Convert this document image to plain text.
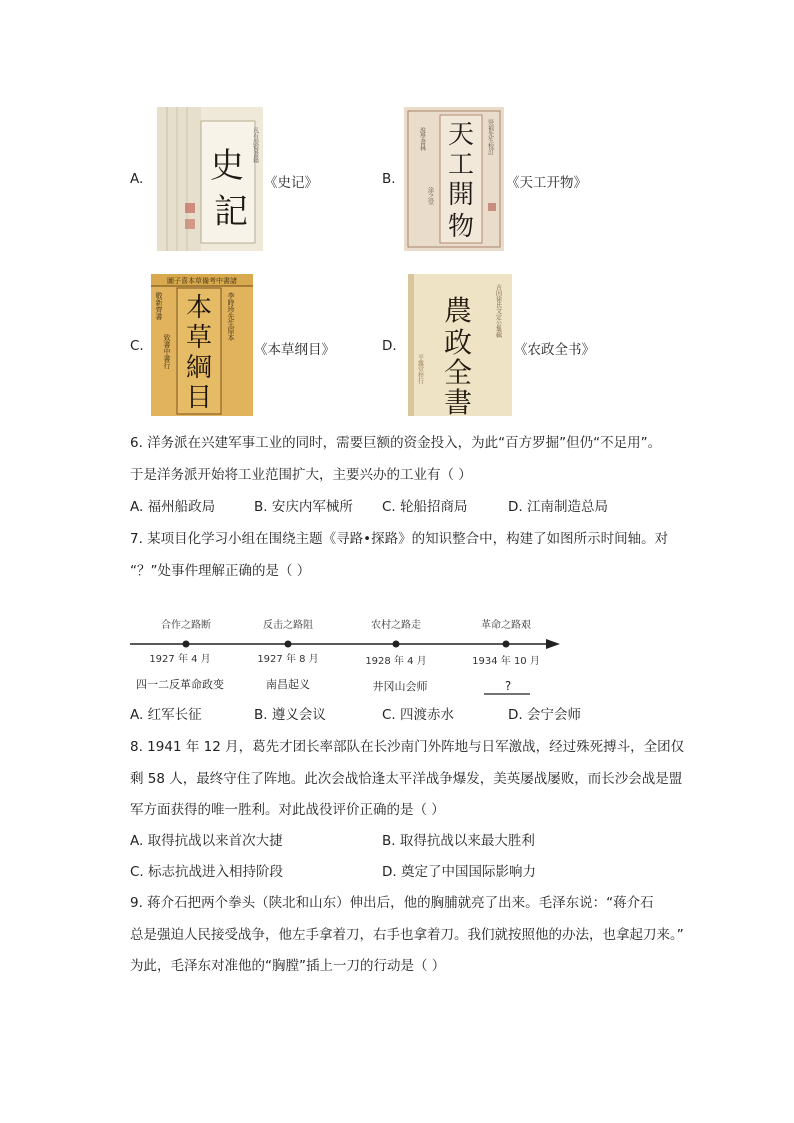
A. 史
記
凡有誤寫書籍
《史记》	B.
天
工
開
物
崇禎先生校訂
說學書林
涂之堂
《天工开物》
C.
圖子喜本草備考中書諸
本
草
綱
目
李時珍先生原本
敬新齊書
致書中書行	《本草纲目》	D.
農
政
全
書
吉因徐氏文定公集輯
平露堂梓行
《农政全书》
6. 洋务派在兴建军事工业的同时，需要巨额的资金投入，为此“百方罗掘”但仍“不足用”。
于是洋务派开始将工业范围扩大，主要兴办的工业有（ ）
A. 福州船政局	B. 安庆内军械所 C. 轮船招商局	D. 江南制造总局
7. 某项目化学习小组在围绕主题《寻路•探路》的知识整合中，构建了如图所示时间轴。对
“？”处事件理解正确的是（ ）
合作之路断	反击之路阻	农村之路走	革命之路艰
1927 年 4 月	1927 年 8 月	1928 年 4 月	1934 年 10 月
四一二反革命政变	南昌起义	井冈山会师	?
A. 红军长征	B. 遵义会议	C. 四渡赤水	D. 会宁会师
8. 1941 年 12 月，葛先才团长率部队在长沙南门外阵地与日军激战，经过殊死搏斗，全团仅
剩 58 人，最终守住了阵地。此次会战恰逢太平洋战争爆发，美英屡战屡败，而长沙会战是盟
军方面获得的唯一胜利。对此战役评价正确的是（ ）
A. 取得抗战以来首次大捷	B. 取得抗战以来最大胜利
C. 标志抗战进入相持阶段	D. 奠定了中国国际影响力
9. 蒋介石把两个拳头（陕北和山东）伸出后，他的胸脯就亮了出来。毛泽东说：“蒋介石
总是强迫人民接受战争，他左手拿着刀，右手也拿着刀。我们就按照他的办法，也拿起刀来。”
为此，毛泽东对准他的“胸膛”插上一刀的行动是（ ）
